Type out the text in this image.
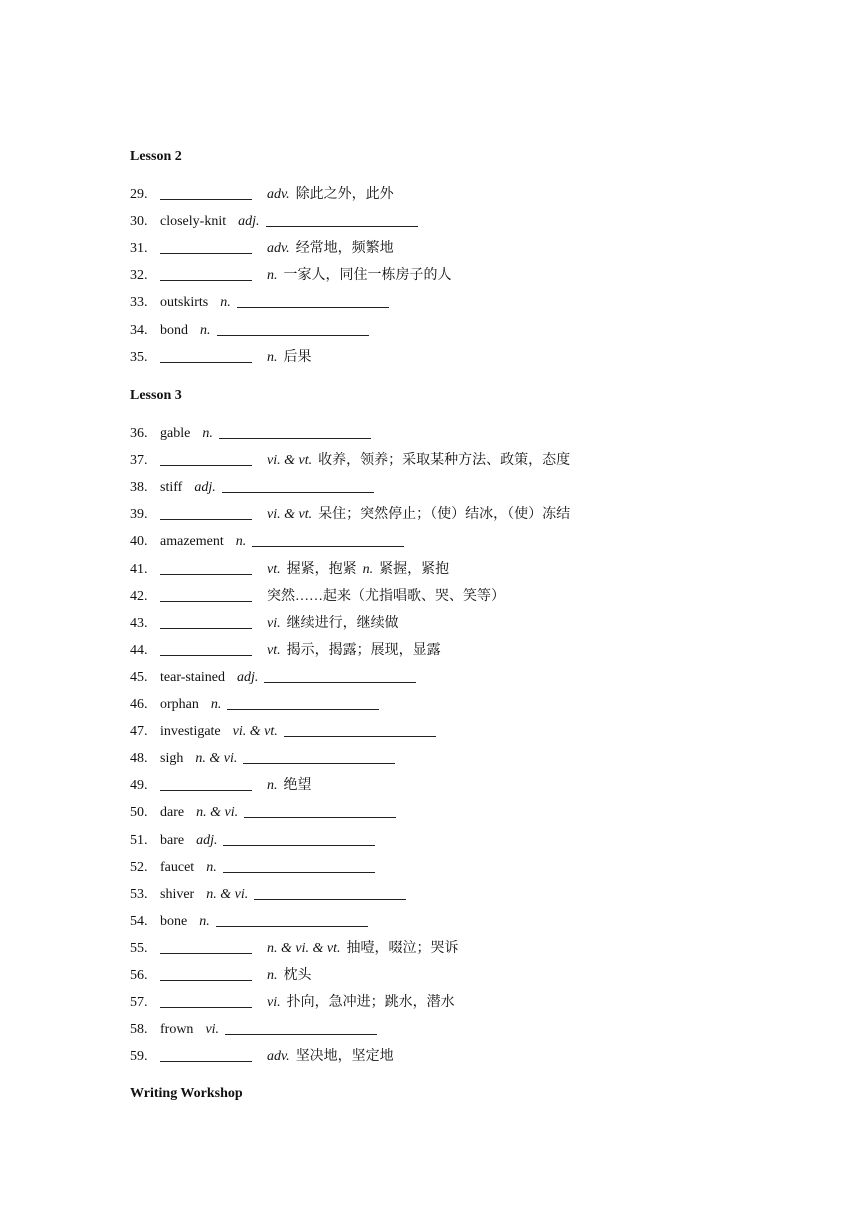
Lesson 2
29.	adv. 除此之外，此外
30. closely-knit adj.
31.	adv. 经常地，频繁地
32.	n. 一家人，同住一栋房子的人
33. outskirts n.
34. bond n.
35.	n. 后果
Lesson 3
36. gable n.
37.	vi. & vt. 收养，领养；采取某种方法、政策，态度
38. stiff adj.
39.	vi. & vt. 呆住；突然停止；（使）结冰，（使）冻结
40. amazement n.
41.	vt. 握紧，抱紧 n. 紧握，紧抱
42.	突然……起来（尤指唱歌、哭、笑等）
43.	vi. 继续进行，继续做
44.	vt. 揭示，揭露；展现，显露
45. tear-stained adj.
46. orphan n.
47. investigate vi. & vt.
48. sigh n. & vi.
49.	n. 绝望
50. dare n. & vi.
51. bare adj.
52. faucet n.
53. shiver n. & vi.
54. bone n.
55.	n. & vi. & vt. 抽噎，啜泣；哭诉
56.	n. 枕头
57.	vi. 扑向，急冲进；跳水，潜水
58. frown vi.
59.	adv. 坚决地，坚定地
Writing Workshop
